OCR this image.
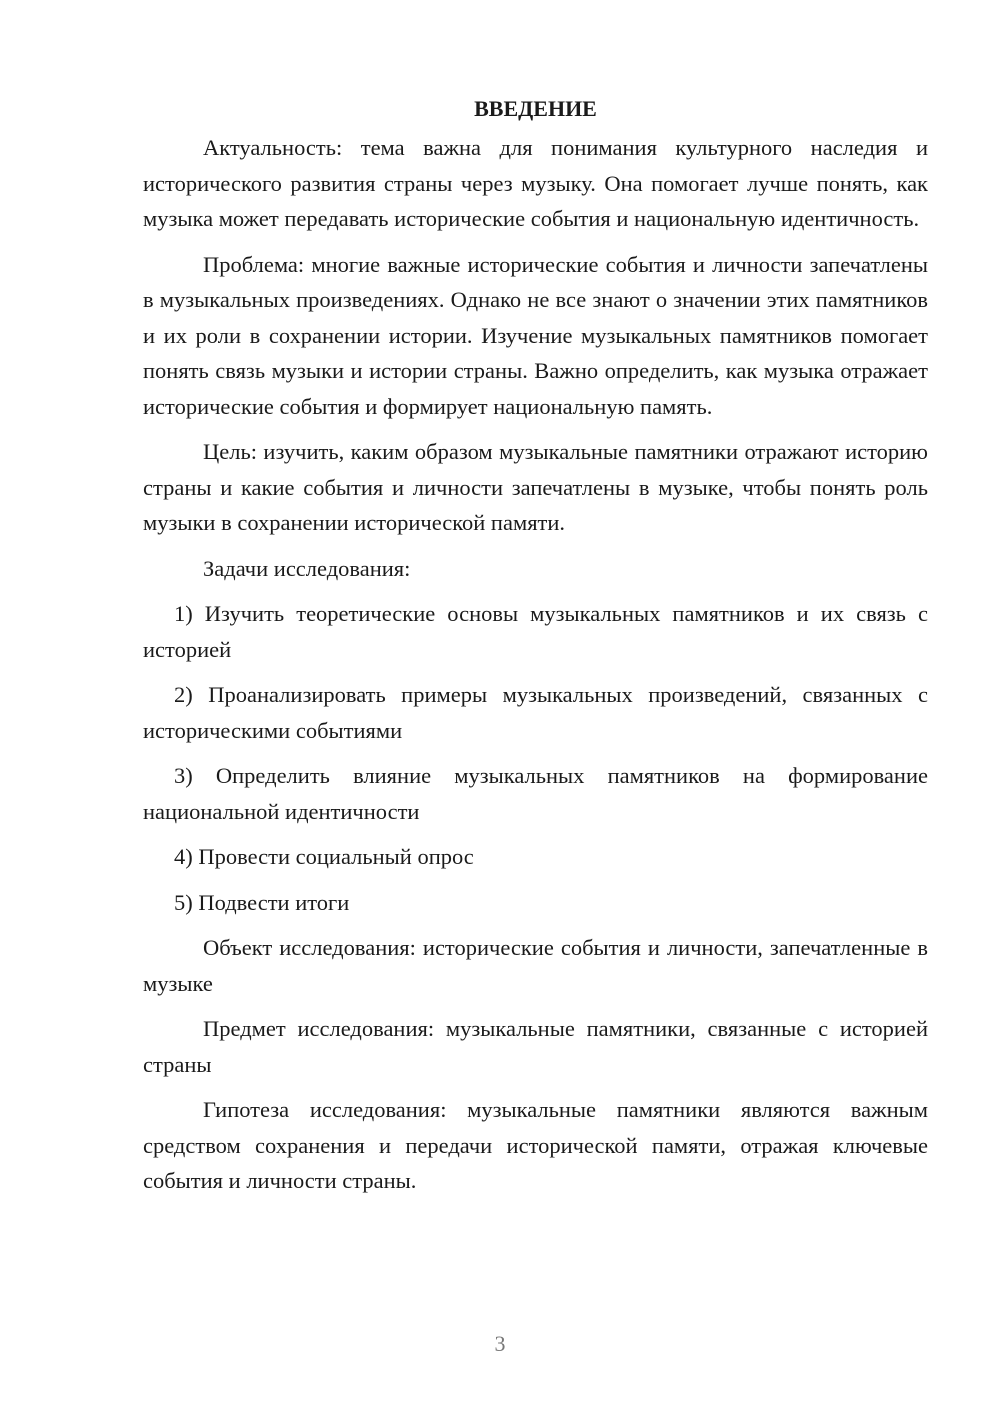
ВВЕДЕНИЕ

Актуальность: тема важна для понимания культурного наследия и исторического развития страны через музыку. Она помогает лучше понять, как музыка может передавать исторические события и национальную идентичность.

Проблема: многие важные исторические события и личности запечатлены в музыкальных произведениях. Однако не все знают о значении этих памятников и их роли в сохранении истории. Изучение музыкальных памятников помогает понять связь музыки и истории страны. Важно определить, как музыка отражает исторические события и формирует национальную память.

Цель: изучить, каким образом музыкальные памятники отражают историю страны и какие события и личности запечатлены в музыке, чтобы понять роль музыки в сохранении исторической памяти.

Задачи исследования:

1) Изучить теоретические основы музыкальных памятников и их связь с историей

2) Проанализировать примеры музыкальных произведений, связанных с историческими событиями

3) Определить влияние музыкальных памятников на формирование национальной идентичности

4) Провести социальный опрос

5) Подвести итоги

Объект исследования: исторические события и личности, запечатленные в музыке

Предмет исследования: музыкальные памятники, связанные с историей страны

Гипотеза исследования: музыкальные памятники являются важным средством сохранения и передачи исторической памяти, отражая ключевые события и личности страны.

3
